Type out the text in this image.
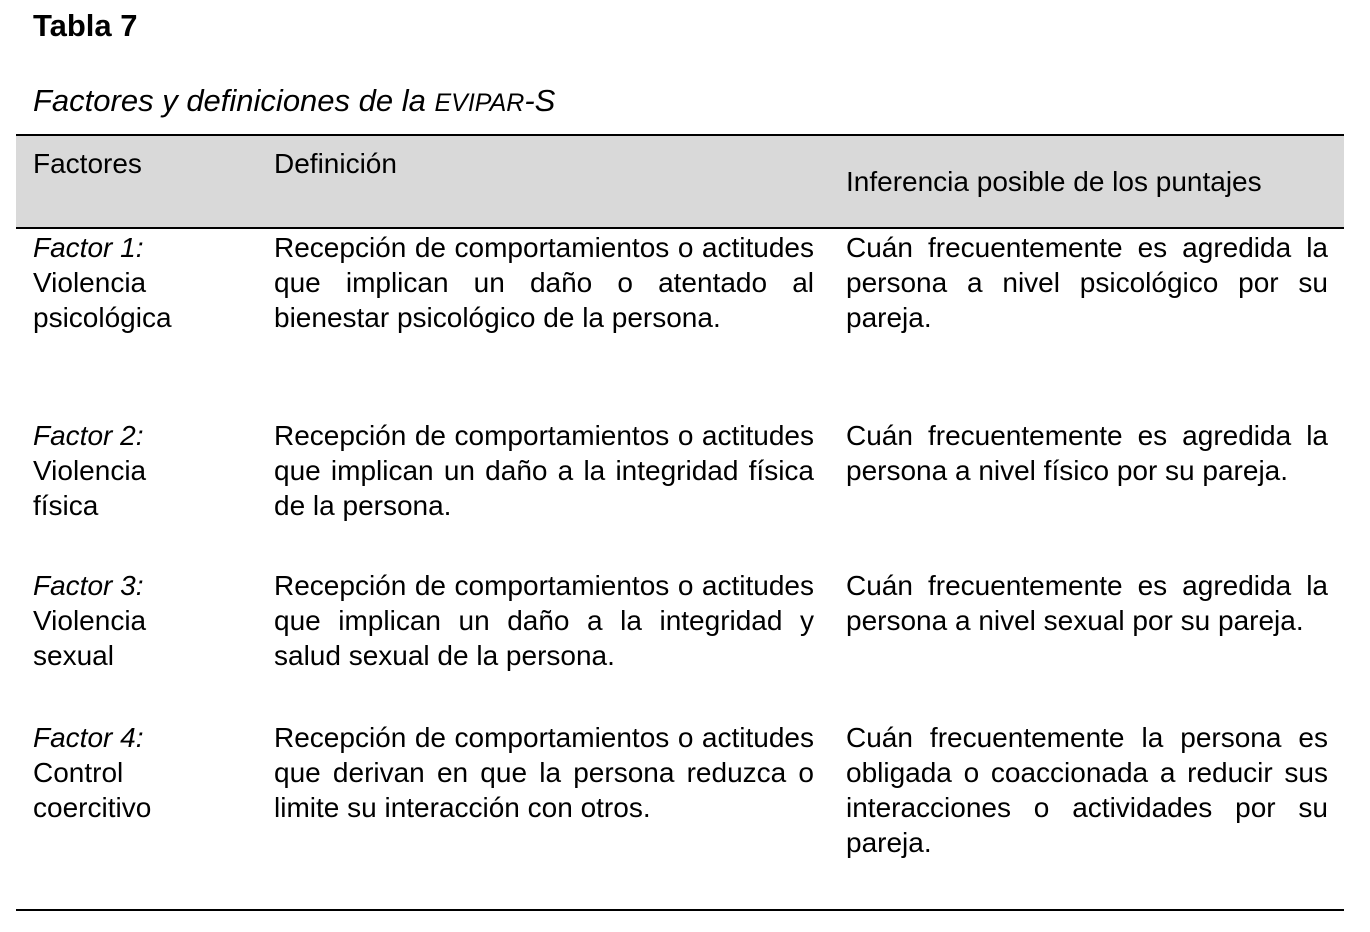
Tabla 7

Factores y definiciones de la EVIPAR-S

Factores	Definición
Inferencia posible de los puntajes
Factor 1:
Violencia
psicológica
Recepción de comportamientos o actitudes que implican un daño o atentado al bienestar psicológico de la persona.
Cuán frecuentemente es agredida la persona a nivel psicológico por su pareja.
Factor 2:
Violencia
física
Recepción de comportamientos o actitudes que implican un daño a la integridad física de la persona.
Cuán frecuentemente es agredida la persona a nivel físico por su pareja.
Factor 3:
Violencia
sexual
Recepción de comportamientos o actitudes que implican un daño a la integridad y salud sexual de la persona.
Cuán frecuentemente es agredida la persona a nivel sexual por su pareja.
Factor 4:
Control
coercitivo
Recepción de comportamientos o actitudes que derivan en que la persona reduzca o limite su interacción con otros.
Cuán frecuentemente la persona es obligada o coaccionada a reducir sus interacciones o actividades por su pareja.
